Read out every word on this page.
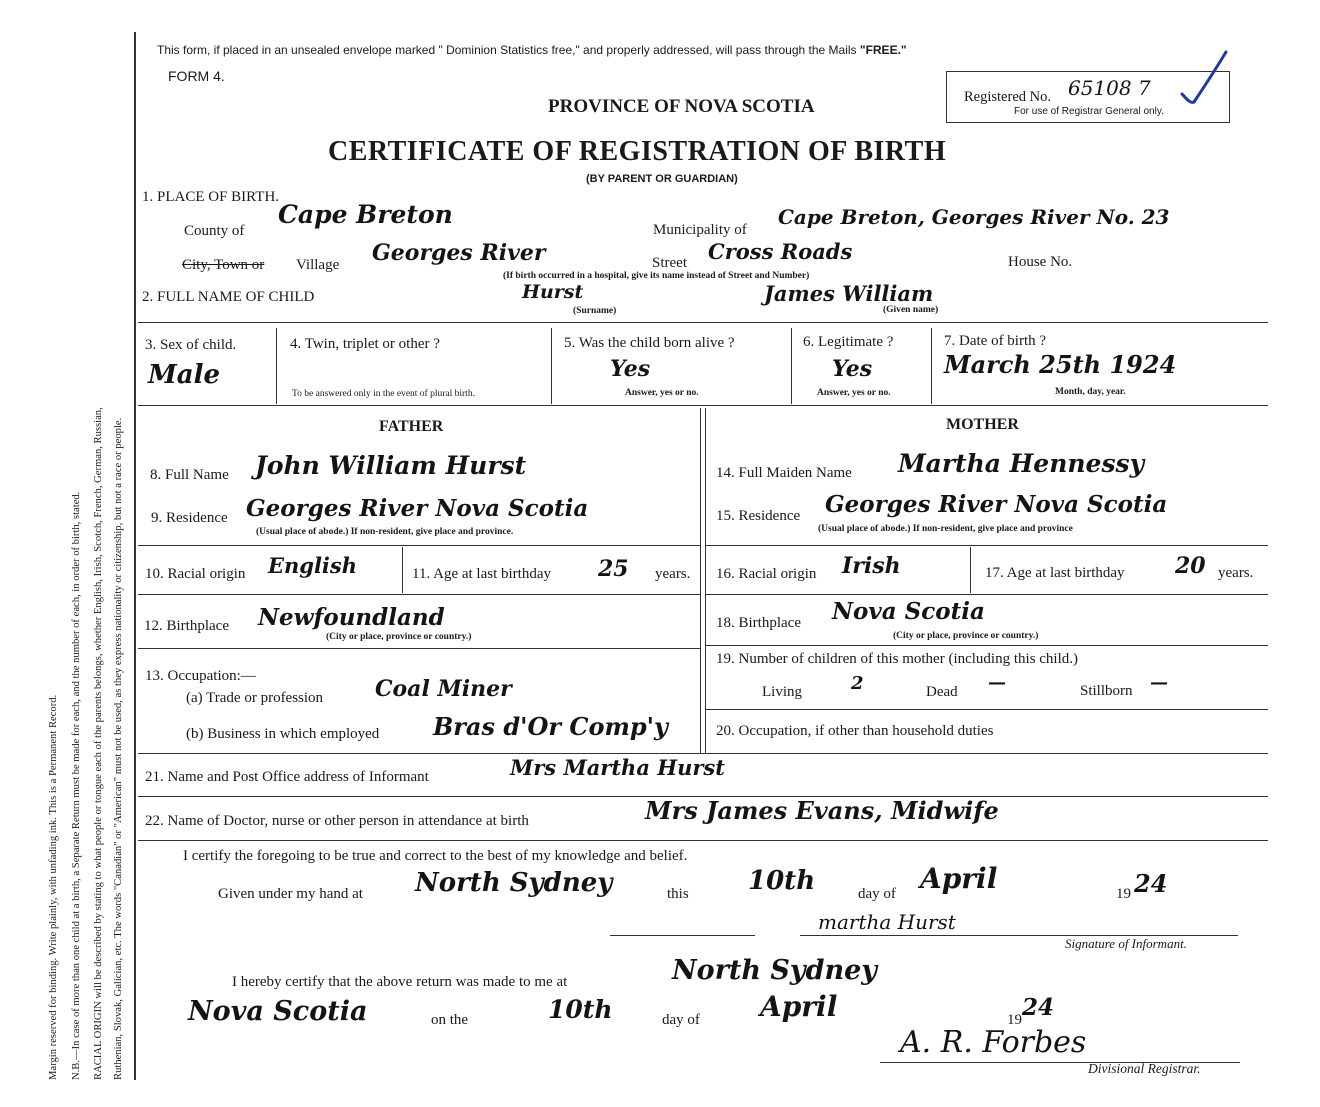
Margin reserved for binding. Write plainly, with unfading ink. This is a Permanent Record. N.B.—In case of more than one child at a birth, a Separate Return must be made for each, and the number of each, in order of birth, stated. RACIAL ORIGIN will be described by stating to what people or tongue each of the parents belongs, whether English, Irish, Scotch, French, German, Russian, Ruthenian, Slovak, Galician, etc. The words "Canadian" or "American" must not be used, as they express nationality or citizenship, but not a race or people.
This form, if placed in an unsealed envelope marked " Dominion Statistics free," and properly addressed, will pass through the Mails "FREE."
FORM 4.
PROVINCE OF NOVA SCOTIA	Registered No. 65108 7
For use of Registrar General only.
CERTIFICATE OF REGISTRATION OF BIRTH
(BY PARENT OR GUARDIAN)
1. PLACE OF BIRTH.
County of
Cape Breton
Municipality of
Cape Breton, Georges River No. 23
City, Town or Village Georges River	Street Cross Roads	House No.
(If birth occurred in a hospital, give its name instead of Street and Number)
2. FULL NAME OF CHILD	Hurst
(Surname)
James William
(Given name)
3. Sex of child.
Male
4. Twin, triplet or other ?
To be answered only in the event of plural birth.
5. Was the child born alive ?
Yes
Answer, yes or no.
6. Legitimate ?
Yes
Answer, yes or no.
7. Date of birth ?
March 25th 1924
Month, day, year.
FATHER	MOTHER
8. Full Name John William Hurst
9. Residence Georges River Nova Scotia
(Usual place of abode.) If non-resident, give place and province.
10. Racial origin English	11. Age at last birthday 25 years.
12. Birthplace Newfoundland
(City or place, province or country.)
13. Occupation:—
(a) Trade or profession Coal Miner
(b) Business in which employed Bras d'Or Comp'y
14. Full Maiden Name Martha Hennessy
15. Residence Georges River Nova Scotia
(Usual place of abode.) If non-resident, give place and province
16. Racial origin Irish	17. Age at last birthday 20 years.
18. Birthplace Nova Scotia
(City or place, province or country.)
19. Number of children of this mother (including this child.)
Living	2	Dead —	Stillborn —
20. Occupation, if other than household duties
21. Name and Post Office address of Informant	Mrs Martha Hurst
22. Name of Doctor, nurse or other person in attendance at birth	Mrs James Evans, Midwife
I certify the foregoing to be true and correct to the best of my knowledge and belief.
Given under my hand at North Sydney	this 10th	day of April	19 24
martha Hurst
Signature of Informant.
I hereby certify that the above return was made to me at	North Sydney
Nova Scotia	on the	10th	day of April	19 24
A. R. Forbes
Divisional Registrar.
